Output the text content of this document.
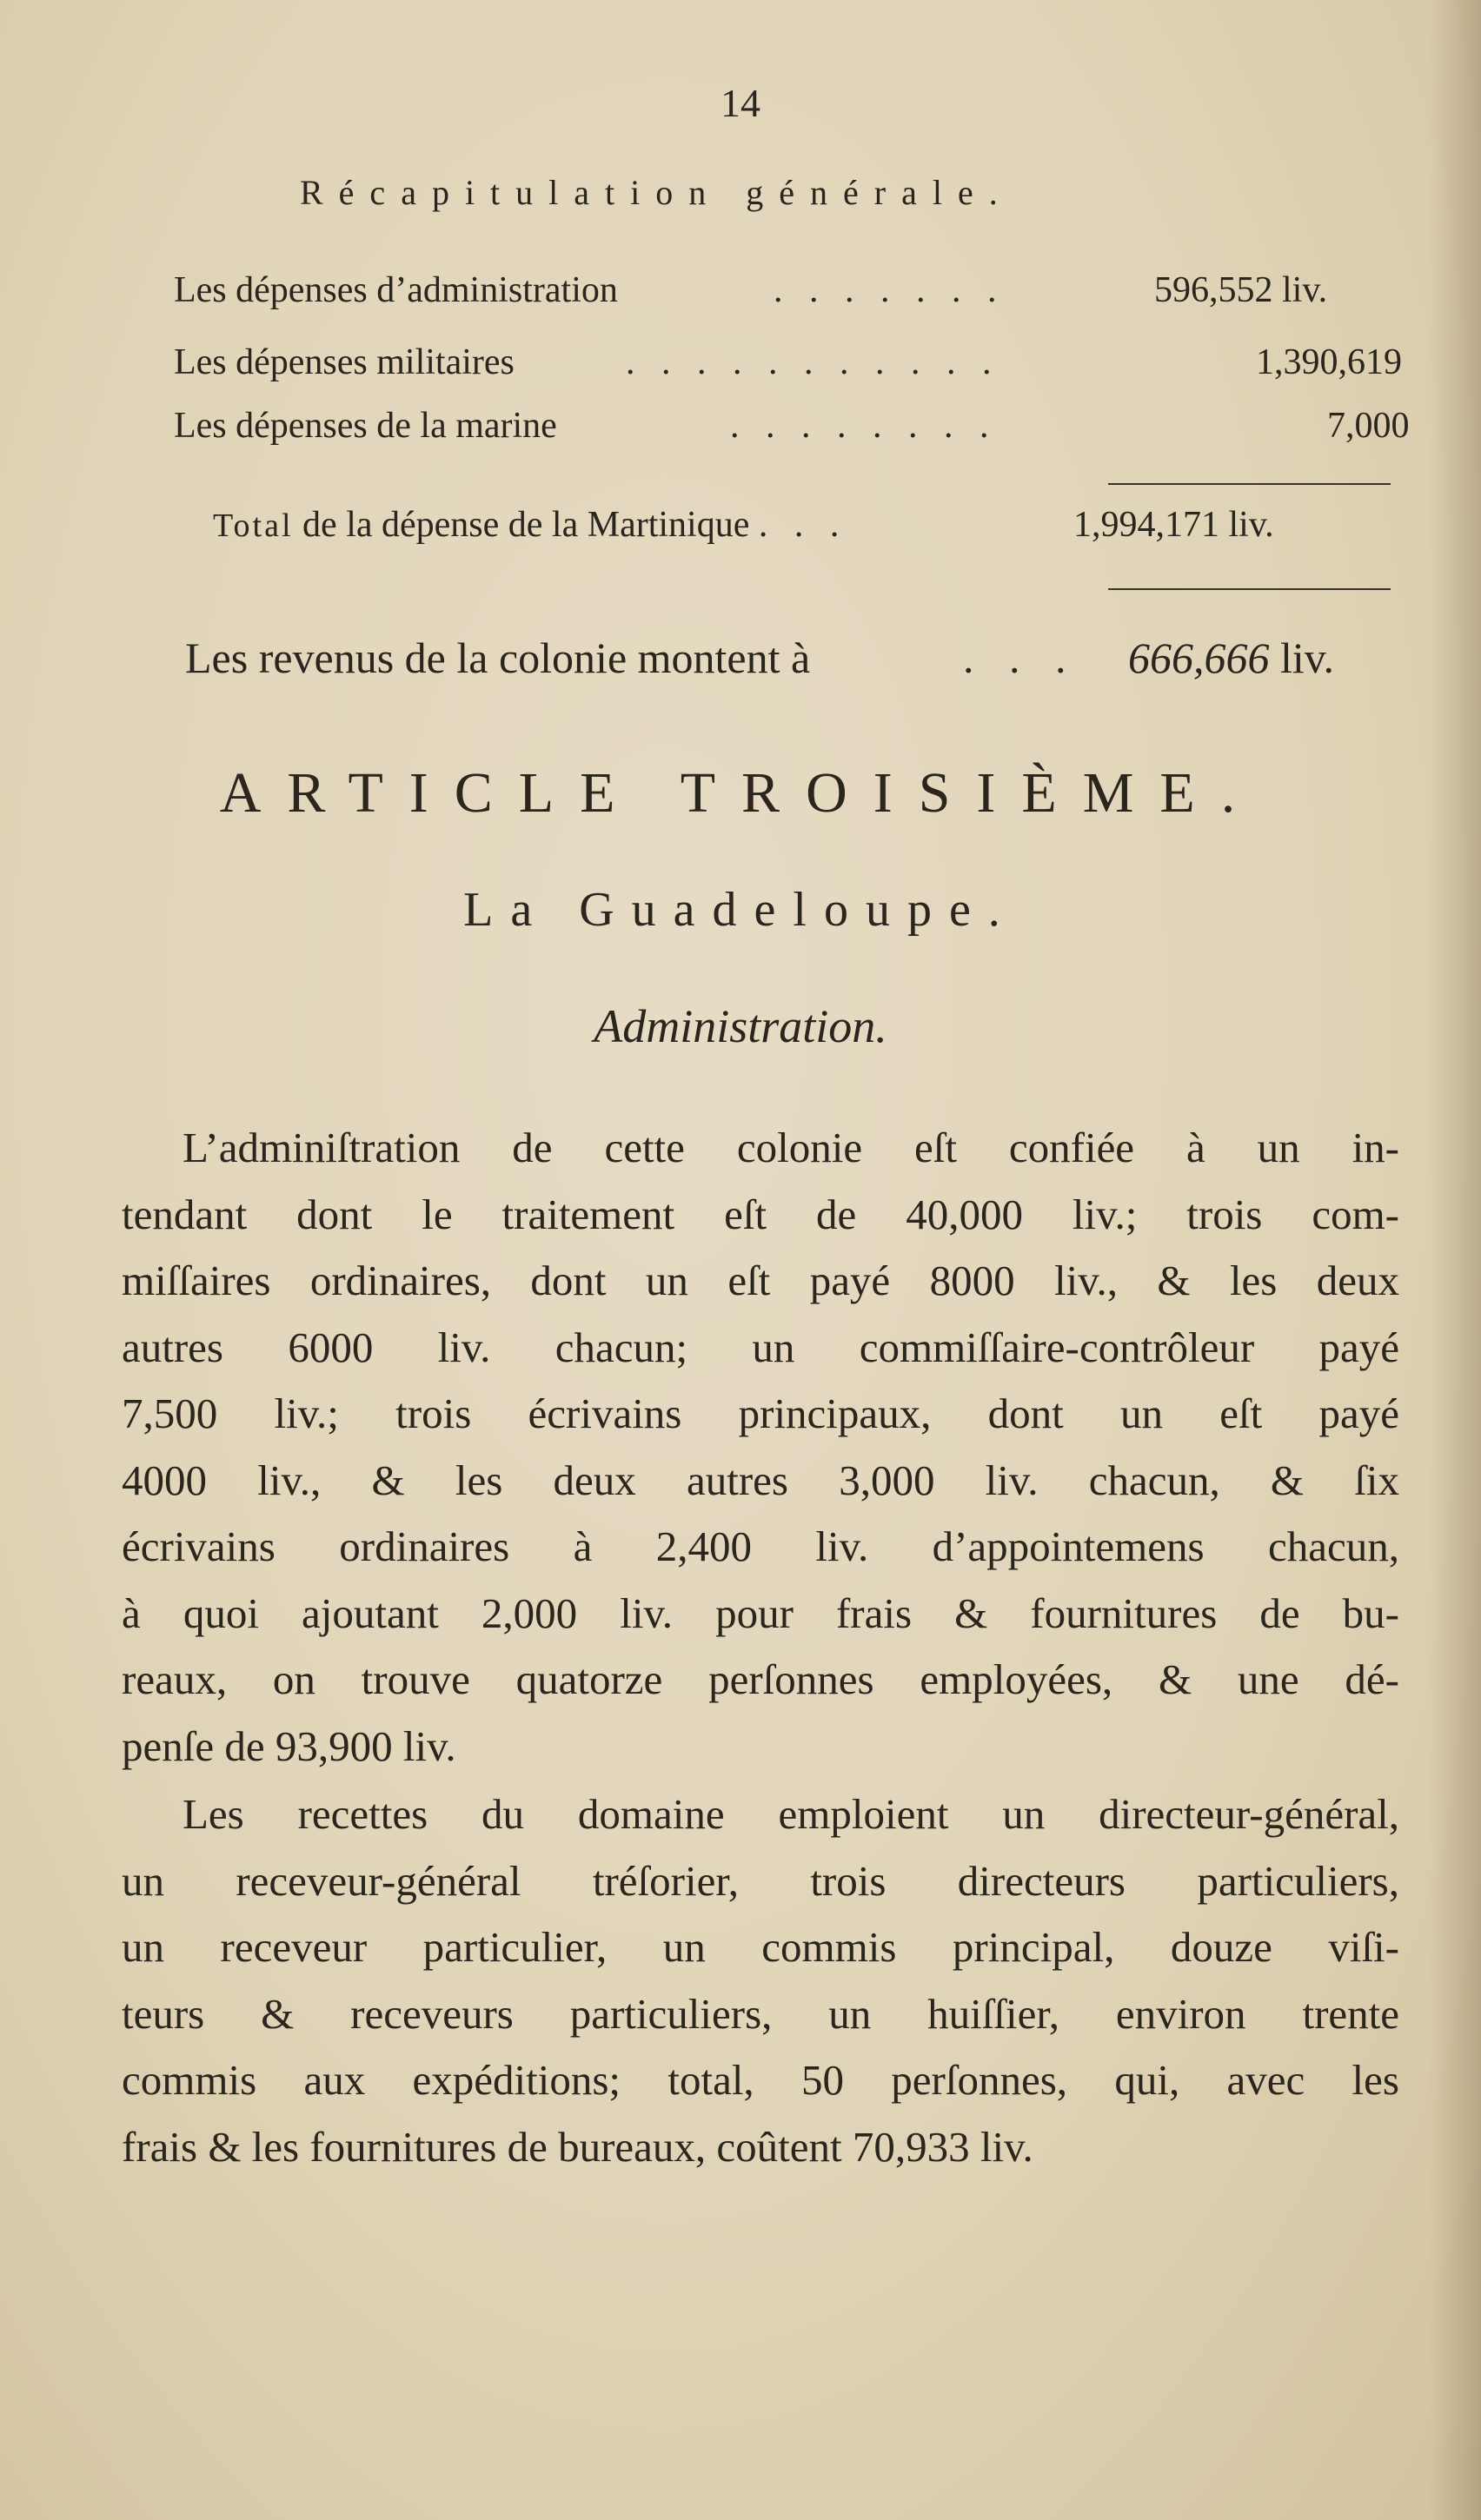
14
Récapitulation générale.
Les dépenses d’administration	. . . . . . .	596,552 liv.
Les dépenses militaires	. . . . . . . . . . .	1,390,619
Les dépenses de la marine	. . . . . . . .	7,000
Total de la dépense de la Martinique . . .	1,994,171 liv.
Les revenus de la colonie montent à	. . . 666,666 liv.
ARTICLE TROISIÈME.
La Guadeloupe.
Administration.
L’adminiſtration de cette colonie eſt confiée à un in-
tendant dont le traitement eſt de 40,000 liv.; trois com-
miſſaires ordinaires, dont un eſt payé 8000 liv., & les deux
autres 6000 liv. chacun; un commiſſaire-contrôleur payé
7,500 liv.; trois écrivains principaux, dont un eſt payé
4000 liv., & les deux autres 3,000 liv. chacun, & ſix
écrivains ordinaires à 2,400 liv. d’appointemens chacun,
à quoi ajoutant 2,000 liv. pour frais & fournitures de bu-
reaux, on trouve quatorze perſonnes employées, & une dé-
penſe de 93,900 liv.
Les recettes du domaine emploient un directeur-général,
un receveur-général tréſorier, trois directeurs particuliers,
un receveur particulier, un commis principal, douze viſi-
teurs & receveurs particuliers, un huiſſier, environ trente
commis aux expéditions; total, 50 perſonnes, qui, avec les
frais & les fournitures de bureaux, coûtent 70,933 liv.
